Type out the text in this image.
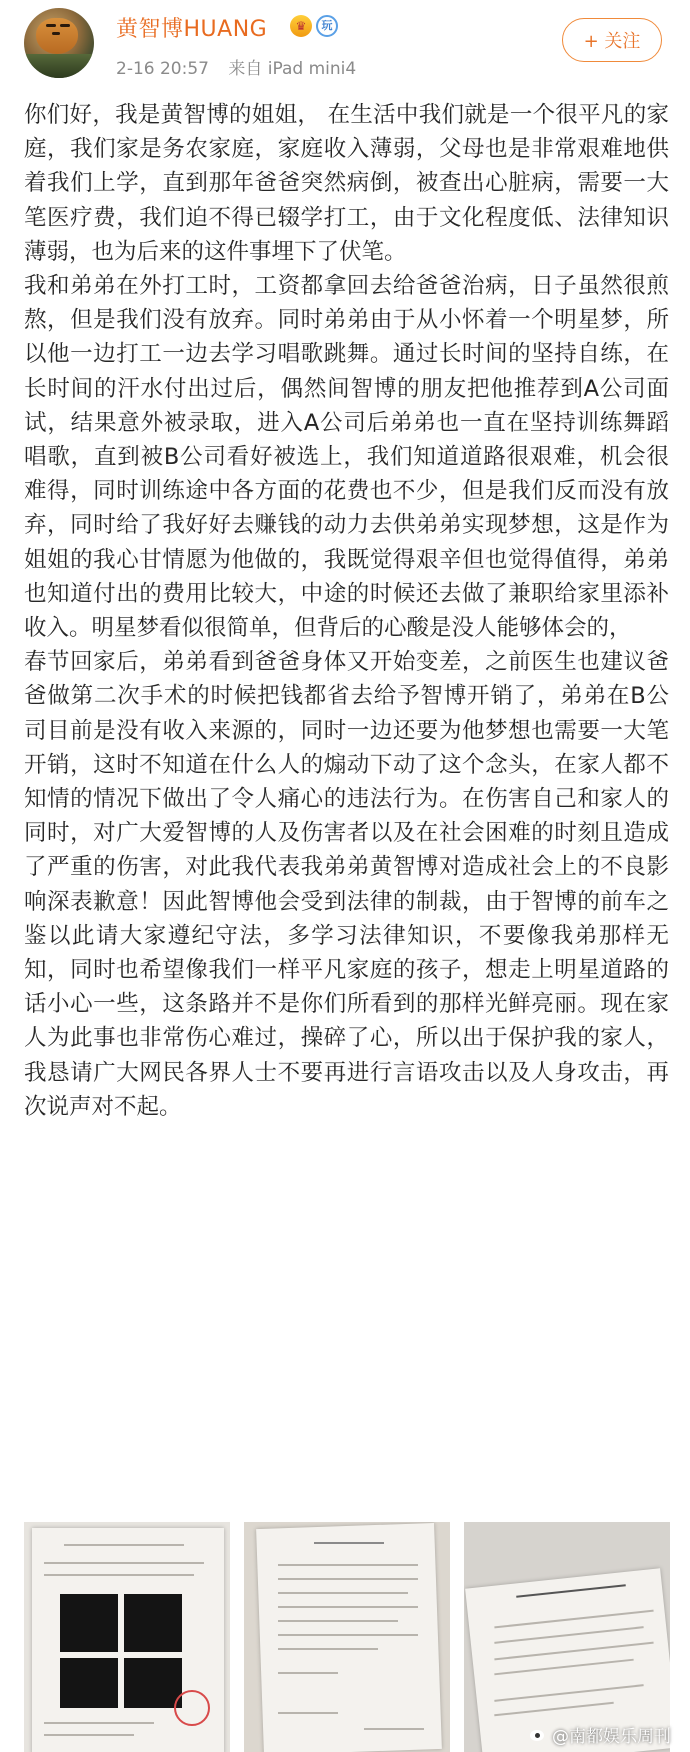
黄智博HUANG	♛	玩
2-16 20:57 来自 iPad mini4
+ 关注

你们好，我是黄智博的姐姐， 在生活中我们就是一个很平凡的家庭，我们家是务农家庭，家庭收入薄弱，父母也是非常艰难地供着我们上学，直到那年爸爸突然病倒，被查出心脏病，需要一大笔医疗费，我们迫不得已辍学打工，由于文化程度低、法律知识薄弱，也为后来的这件事埋下了伏笔。

我和弟弟在外打工时，工资都拿回去给爸爸治病，日子虽然很煎熬，但是我们没有放弃。同时弟弟由于从小怀着一个明星梦，所以他一边打工一边去学习唱歌跳舞。通过长时间的坚持自练，在长时间的汗水付出过后，偶然间智博的朋友把他推荐到A公司面试，结果意外被录取，进入A公司后弟弟也一直在坚持训练舞蹈唱歌，直到被B公司看好被选上，我们知道道路很艰难，机会很难得，同时训练途中各方面的花费也不少，但是我们反而没有放弃，同时给了我好好去赚钱的动力去供弟弟实现梦想，这是作为姐姐的我心甘情愿为他做的，我既觉得艰辛但也觉得值得，弟弟也知道付出的费用比较大，中途的时候还去做了兼职给家里添补收入。明星梦看似很简单，但背后的心酸是没人能够体会的，

春节回家后，弟弟看到爸爸身体又开始变差，之前医生也建议爸爸做第二次手术的时候把钱都省去给予智博开销了，弟弟在B公司目前是没有收入来源的，同时一边还要为他梦想也需要一大笔开销，这时不知道在什么人的煽动下动了这个念头，在家人都不知情的情况下做出了令人痛心的违法行为。在伤害自己和家人的同时，对广大爱智博的人及伤害者以及在社会困难的时刻且造成了严重的伤害，对此我代表我弟弟黄智博对造成社会上的不良影响深表歉意！因此智博他会受到法律的制裁，由于智博的前车之鉴以此请大家遵纪守法，多学习法律知识，不要像我弟那样无知，同时也希望像我们一样平凡家庭的孩子，想走上明星道路的话小心一些，这条路并不是你们所看到的那样光鲜亮丽。现在家人为此事也非常伤心难过，操碎了心，所以出于保护我的家人，我恳请广大网民各界人士不要再进行言语攻击以及人身攻击，再次说声对不起。

@南都娱乐周刊
